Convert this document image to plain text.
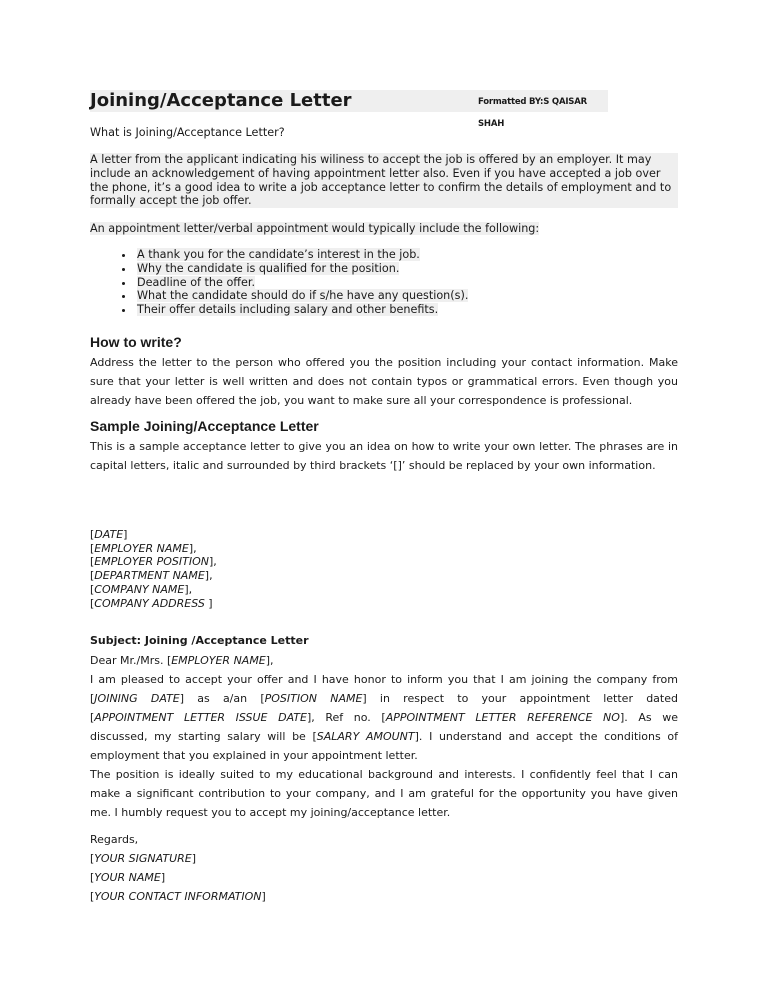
Joining/Acceptance Letter	Formatted BY:S QAISAR SHAH
What is Joining/Acceptance Letter?
A letter from the applicant indicating his wiliness to accept the job is offered by an employer. It may include an acknowledgement of having appointment letter also. Even if you have accepted a job over the phone, it’s a good idea to write a job acceptance letter to confirm the details of employment and to formally accept the job offer.
An appointment letter/verbal appointment would typically include the following:
• A thank you for the candidate’s interest in the job.
• Why the candidate is qualified for the position.
• Deadline of the offer.
• What the candidate should do if s/he have any question(s).
• Their offer details including salary and other benefits.
How to write?
Address the letter to the person who offered you the position including your contact information. Make sure that your letter is well written and does not contain typos or grammatical errors. Even though you already have been offered the job, you want to make sure all your correspondence is professional.
Sample Joining/Acceptance Letter
This is a sample acceptance letter to give you an idea on how to write your own letter. The phrases are in capital letters, italic and surrounded by third brackets ‘[]’ should be replaced by your own information.
[DATE]
[EMPLOYER NAME],
[EMPLOYER POSITION],
[DEPARTMENT NAME],
[COMPANY NAME],
[COMPANY ADDRESS ]
Subject: Joining /Acceptance Letter
Dear Mr./Mrs. [EMPLOYER NAME],
I am pleased to accept your offer and I have honor to inform you that I am joining the company from
[JOINING DATE] as a/an [POSITION NAME] in respect to your appointment letter dated
[APPOINTMENT LETTER ISSUE DATE], Ref no. [APPOINTMENT LETTER REFERENCE NO]. As we
discussed, my starting salary will be [SALARY AMOUNT]. I understand and accept the conditions of
employment that you explained in your appointment letter.
The position is ideally suited to my educational background and interests. I confidently feel that I can make a significant contribution to your company, and I am grateful for the opportunity you have given me. I humbly request you to accept my joining/acceptance letter.
Regards,
[YOUR SIGNATURE]
[YOUR NAME]
[YOUR CONTACT INFORMATION]
